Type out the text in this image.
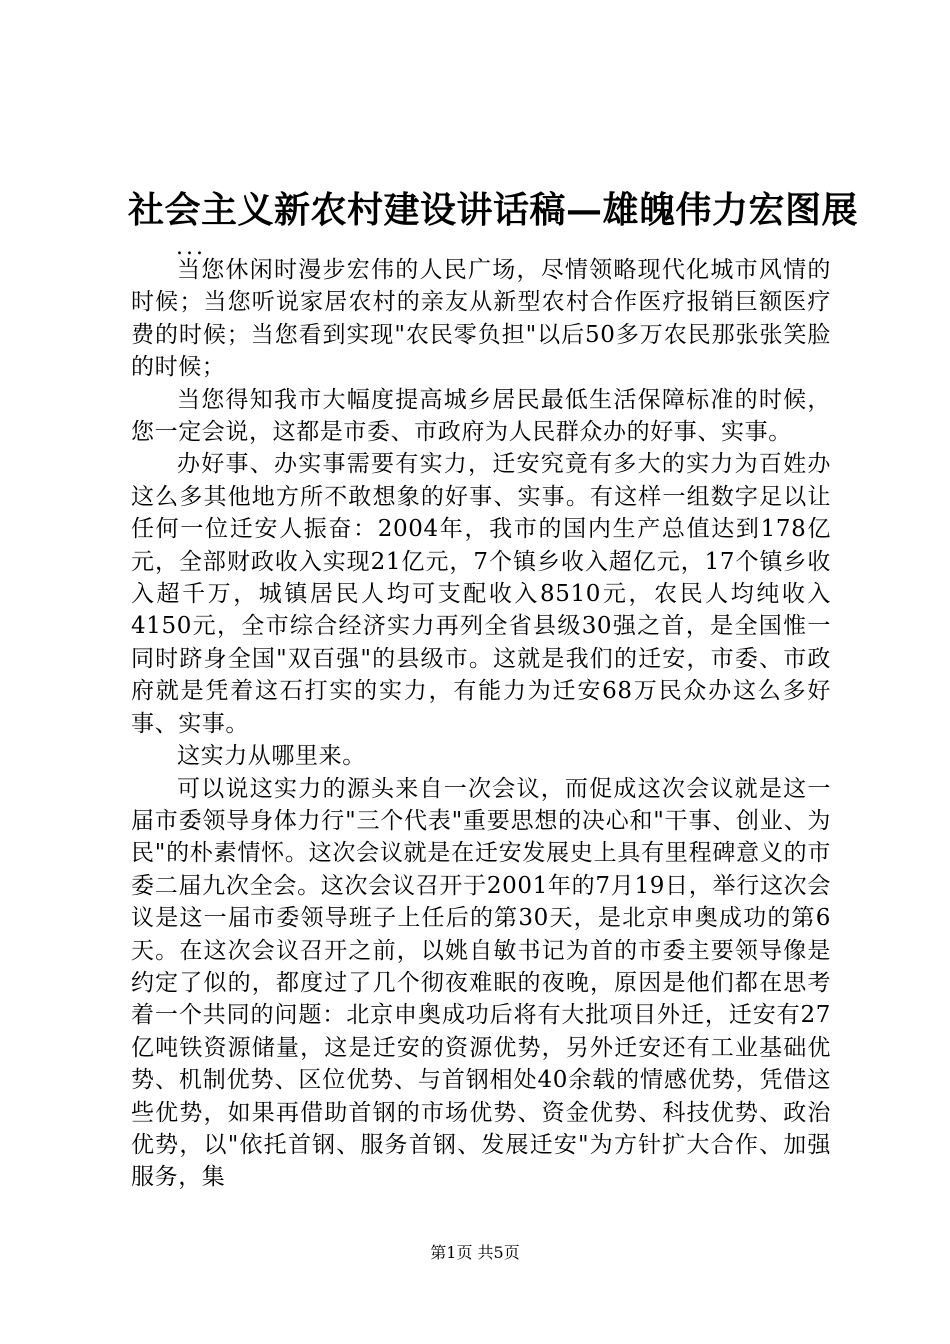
社会主义新农村建设讲话稿—雄魄伟力宏图展
...

当您休闲时漫步宏伟的人民广场，尽情领略现代化城市风情的时候；当您听说家居农村的亲友从新型农村合作医疗报销巨额医疗费的时候；当您看到实现"农民零负担"以后50多万农民那张张笑脸的时候；

当您得知我市大幅度提高城乡居民最低生活保障标准的时候，您一定会说，这都是市委、市政府为人民群众办的好事、实事。

办好事、办实事需要有实力，迁安究竟有多大的实力为百姓办这么多其他地方所不敢想象的好事、实事。有这样一组数字足以让任何一位迁安人振奋：2004年，我市的国内生产总值达到178亿元，全部财政收入实现21亿元，7个镇乡收入超亿元，17个镇乡收入超千万，城镇居民人均可支配收入8510元，农民人均纯收入4150元，全市综合经济实力再列全省县级30强之首，是全国惟一同时跻身全国"双百强"的县级市。这就是我们的迁安，市委、市政府就是凭着这石打实的实力，有能力为迁安68万民众办这么多好事、实事。

这实力从哪里来。

可以说这实力的源头来自一次会议，而促成这次会议就是这一届市委领导身体力行"三个代表"重要思想的决心和"干事、创业、为民"的朴素情怀。这次会议就是在迁安发展史上具有里程碑意义的市委二届九次全会。这次会议召开于2001年的7月19日，举行这次会议是这一届市委领导班子上任后的第30天，是北京申奥成功的第6天。在这次会议召开之前，以姚自敏书记为首的市委主要领导像是约定了似的，都度过了几个彻夜难眠的夜晚，原因是他们都在思考着一个共同的问题：北京申奥成功后将有大批项目外迁，迁安有27亿吨铁资源储量，这是迁安的资源优势，另外迁安还有工业基础优势、机制优势、区位优势、与首钢相处40余载的情感优势，凭借这些优势，如果再借助首钢的市场优势、资金优势、科技优势、政治优势，以"依托首钢、服务首钢、发展迁安"为方针扩大合作、加强服务，集

第1页 共5页
